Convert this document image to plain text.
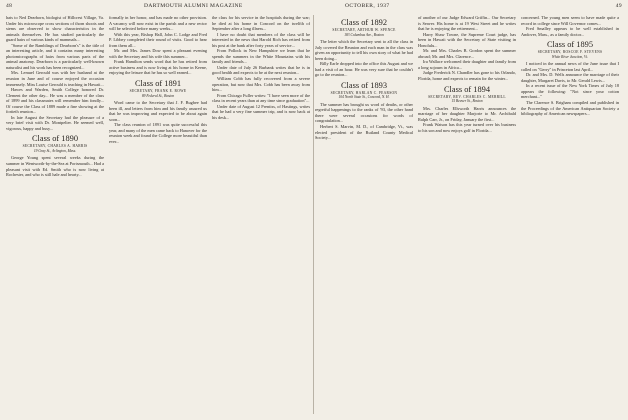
48	DARTMOUTH ALUMNI MAGAZINE	OCTOBER, 1937	49

hats to Ned Dearborn, biologist of Hillcrest Village, Va. Under his microscope cross sections of thorn shoots and stems are observed to show characteristics in the animals themselves. He has studied particularly the guard hairs of various kinds of mammals...

"Some of the Ramblings of Dearborn's" is the title of an interesting article, and it contains many interesting photomicrographs of hairs from various parts of the animal anatomy. Dearborn is a particularly well-known naturalist and his work has been recognized...

Mrs. Lemuel Gerould was with her husband at the reunion in June and of course enjoyed the occasion immensely. Miss Louise Gerould is teaching in Hawaii...

Hawes and Warden, Smith College honored Dr. Clement the other day... He was a member of the class of 1899 and his classmates will remember him fondly... Of course the Class of 1889 made a fine showing at the fortieth reunion...

In late August the Secretary had the pleasure of a very brief visit with Dr. Montpelier. He seemed well, vigorous, happy and busy...

Class of 1890
SECRETARY, CHARLES A. HARRIS
19 Gray St., Arlington, Mass.

George Young spent several weeks during the summer in Wentworth-by-the-Sea at Portsmouth... Had a pleasant visit with Ed. Smith who is now living at Rochester, and who is still hale and hearty...

formally in her honor, and has made no other provision. A vacancy will now exist in the parish and a new rector will be selected before many weeks...

With this year, Bishop Hall, John C. Lodge and Fred P. Libbey completed their round of visits. Good to hear from them all...

Mr. and Mrs. James Dow spent a pleasant evening with the Secretary and his wife this summer...

Frank Hamilton sends word that he has retired from active business and is now living at his home in Keene, enjoying the leisure that he has so well earned...

Class of 1891
SECRETARY, FRANK E. ROWE
89 Federal St., Boston

Word came to the Secretary that J. F. Bugbee had been ill, and letters from him and his family assured us that he was improving and expected to be about again soon...

The class reunion of 1891 was quite successful this year, and many of the men came back to Hanover for the reunion week and found the College more beautiful than ever...

the class for his service in the hospitals during the war; he died at his home in Concord on the twelfth of September after a long illness...

I have no doubt that members of the class will be interested in the news that Harold Rich has retired from his post at the bank after forty years of service...

From Pollock in New Hampshire we learn that he spends the summers in the White Mountains with his family and friends...

Under date of July 26 Burbank writes that he is in good health and expects to be at the next reunion...

William Cobb has fully recovered from a severe operation, but now that Mrs. Cobb has been away from him...

From Chicago Fuller writes: "I have seen more of the class in recent years than at any time since graduation"...

Under date of August 12 Prentiss, of Hastings, writes that he had a very fine summer trip, and is now back at his desk...

Class of 1892
SECRETARY, ARTHUR W. SPENCE
183 Columbus Ave., Boston

The letter which the Secretary sent to all the class in July covered the Reunion and each man in the class was given an opportunity to tell his own story of what he had been doing...

Billy Earle dropped into the office this August and we had a visit of an hour. He was very sure that he couldn't go to the reunion...

Class of 1893
SECRETARY, HARLAN C. PEARSON
104 North State St., Concord, N. H.

The summer has brought us word of deaths, or other regretful happenings to the ranks of '93, the other hand there were several occasions for words of congratulation...

Herbert S. Marvin, M. D., of Cambridge, Vt., was elected president of the Rutland County Medical Society...

of another of our Judge Edward Griffin... Our Secretary is Seaver. His home is at 19 West Street and he writes that he is enjoying the retirement...

Harry Shaw Towne, the Supreme Court judge, has been in Hawaii with the Secretary of State visiting in Honolulu...

Mr. and Mrs. Charles B. Gordon spent the summer abroad; Mr. and Mrs. Clarence...

Ira Wallace welcomed their daughter and family from a long sojourn in Africa...

Judge Frederick N. Chandler has gone to his Orlando, Florida, home and expects to remain for the winter...

Class of 1894
SECRETARY, REV. CHARLES C. MERRILL
15 Beaver St., Boston

Mrs. Charles Ellsworth Harris announces the marriage of her daughter Marjorie to Mr. Archibald Ralph Carr, Jr., on Friday, January the first...

Frank Watson has this year turned over his business to his son and now enjoys golf in Florida...

concerned. The young men seem to have made quite a record in college since Will Governor comes...

Fred Smalley appears to be well established in Andover, Mass., as a family doctor...

Class of 1895
SECRETARY, ROSCOE F. STEVENS
White River Junction, Vt.

I noticed in the annual news of the June issue that I called on "Gerry" in Princeton last April...

Dr. and Mrs. D. Wells announce the marriage of their daughter, Margaret Davis, to Mr. Gerald Lewis...

In a recent issue of the New York Times of July 18 appears the following: "Not since your cotton merchant..."

The Clarence S. Brigham compiled and published in the Proceedings of the American Antiquarian Society a bibliography of American newspapers...
